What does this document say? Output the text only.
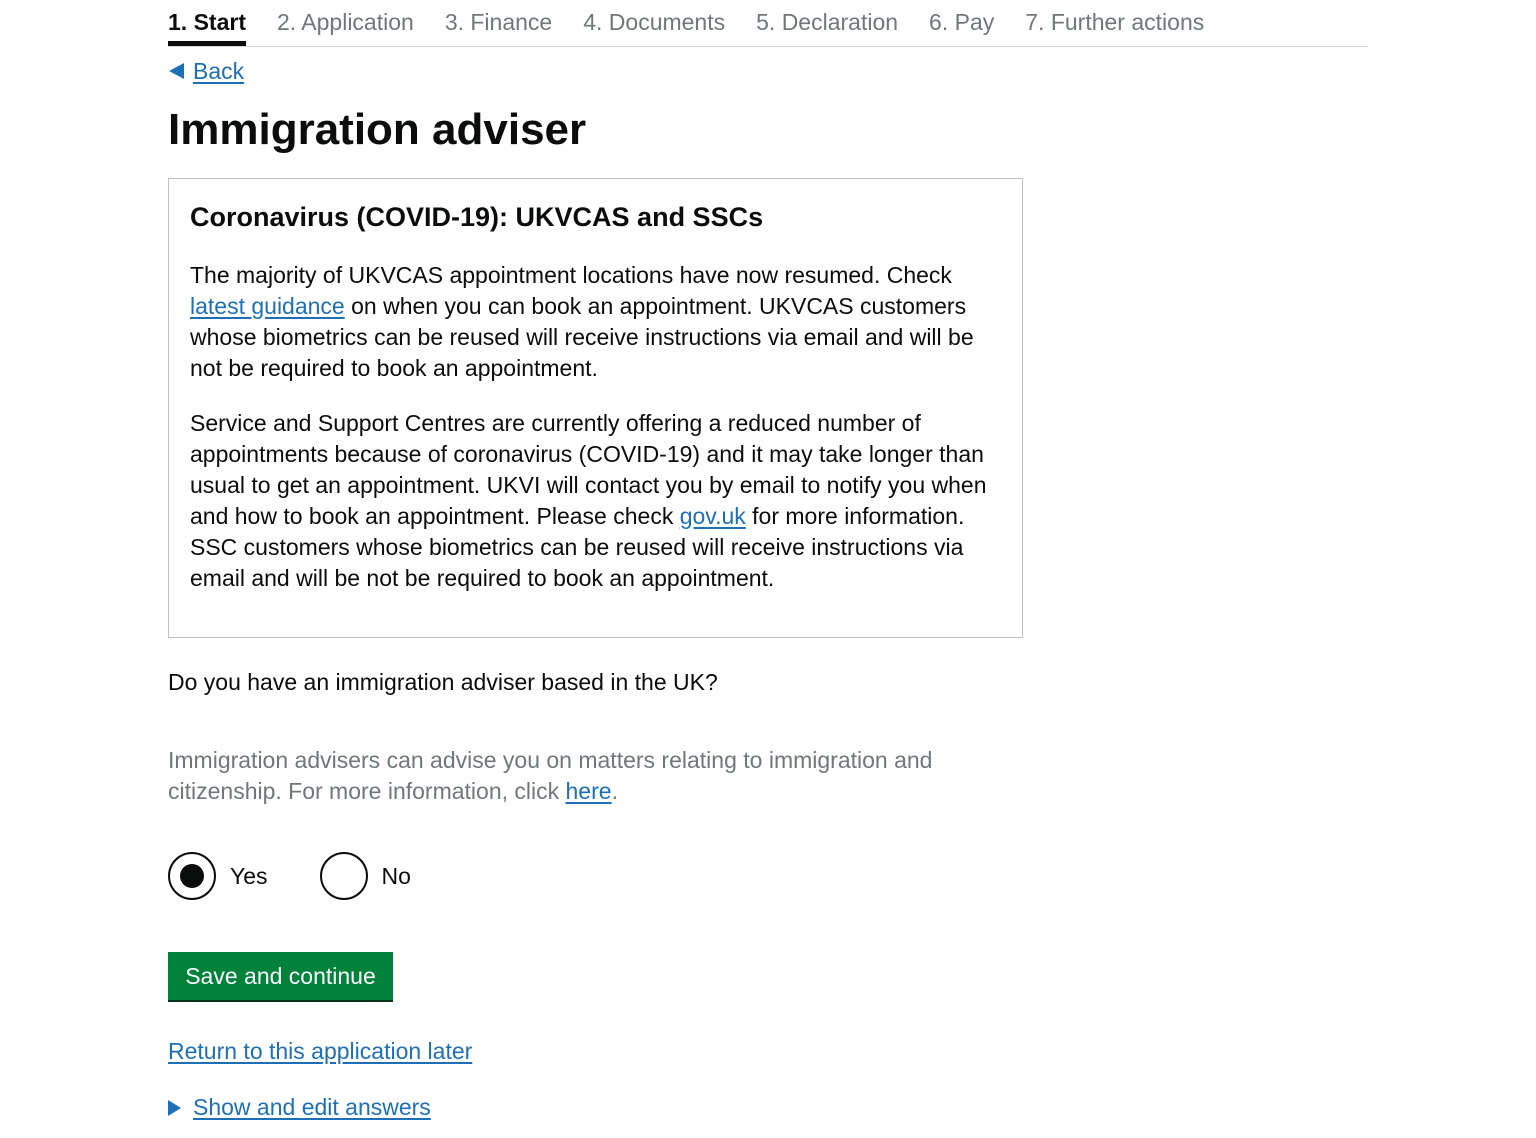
1. Start 2. Application 3. Finance 4. Documents 5. Declaration 6. Pay 7. Further actions
Back
Immigration adviser
Coronavirus (COVID-19): UKVCAS and SSCs

The majority of UKVCAS appointment locations have now resumed. Check latest guidance on when you can book an appointment. UKVCAS customers whose biometrics can be reused will receive instructions via email and will be not be required to book an appointment.

Service and Support Centres are currently offering a reduced number of appointments because of coronavirus (COVID-19) and it may take longer than usual to get an appointment. UKVI will contact you by email to notify you when and how to book an appointment. Please check gov.uk for more information. SSC customers whose biometrics can be reused will receive instructions via email and will be not be required to book an appointment.

Do you have an immigration adviser based in the UK?
Immigration advisers can advise you on matters relating to immigration and citizenship. For more information, click here.
Yes	No
Save and continue
Return to this application later
Show and edit answers
